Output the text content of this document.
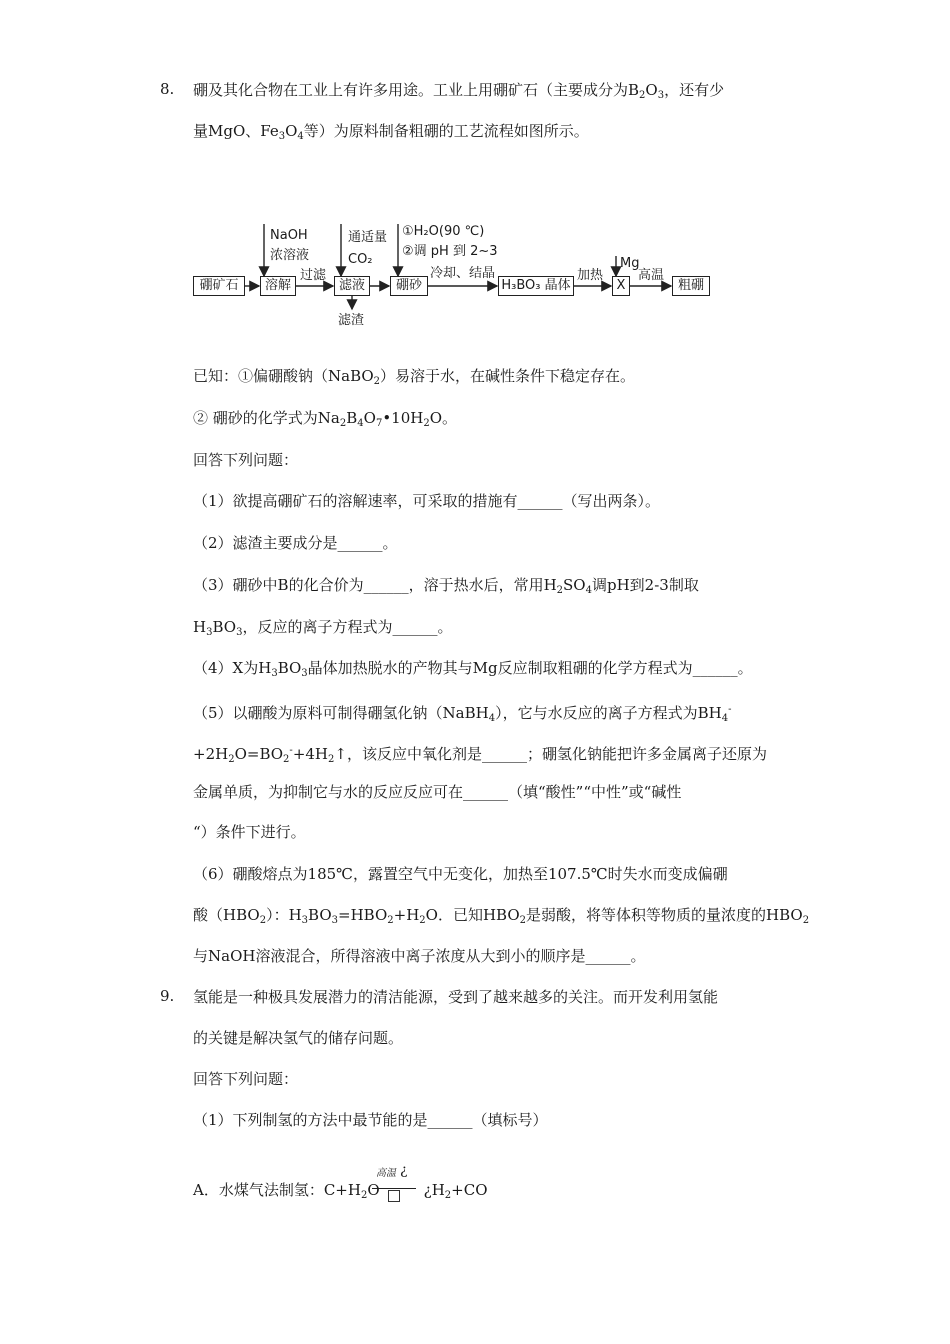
8. 硼及其化合物在工业上有许多用途。工业上用硼矿石（主要成分为$B_2O_3$，还有少
量MgO、$Fe_3O_4$等）为原料制备粗硼的工艺流程如图所示。
硼矿石	溶解	滤液	硼砂	H₃BO₃ 晶体	X	粗硼
NaOH
浓溶液
过滤
通适量
CO₂
①H₂O(90 ℃)
②调 pH 到 2~3
冷却、结晶	加热
Mg
高温
滤渣
已知：①偏硼酸钠（NaBO$_2$）易溶于水，在碱性条件下稳定存在。
② 硼砂的化学式为$Na_2B_4O_7•10H_2O$。
回答下列问题：
（1）欲提高硼矿石的溶解速率，可采取的措施有______（写出两条）。
（2）滤渣主要成分是______。
（3）硼砂中B的化合价为______，溶于热水后，常用$H_2SO_4$调pH到2-3制取
$H_3BO_3$，反应的离子方程式为______。
（4）X为$H_3BO_3$晶体加热脱水的产物其与Mg反应制取粗硼的化学方程式为______。
（5）以硼酸为原料可制得硼氢化钠（NaBH$_4$），它与水反应的离子方程式为$BH_4^-$
$+2H_2O=BO_2^-+4H_2↑$，该反应中氧化剂是______；硼氢化钠能把许多金属离子还原为
金属单质，为抑制它与水的反应反应可在______（填“酸性”“中性”或“碱性
“）条件下进行。
（6）硼酸熔点为185℃，露置空气中无变化，加热至107.5℃时失水而变成偏硼
酸$(HBO_2)$：$H_3BO_3=HBO_2+H_2O$．已知$HBO_2$是弱酸，将等体积等物质的量浓度的$HBO_2$
与NaOH溶液混合，所得溶液中离子浓度从大到小的顺序是______。
9. 氢能是一种极具发展潜力的清洁能源，受到了越来越多的关注。而开发利用氢能
的关键是解决氢气的储存问题。
回答下列问题：
（1）下列制氢的方法中最节能的是______（填标号）
A．水煤气法制氢：$C+H_2O$	¿$H_2+CO$
高温 ¿
